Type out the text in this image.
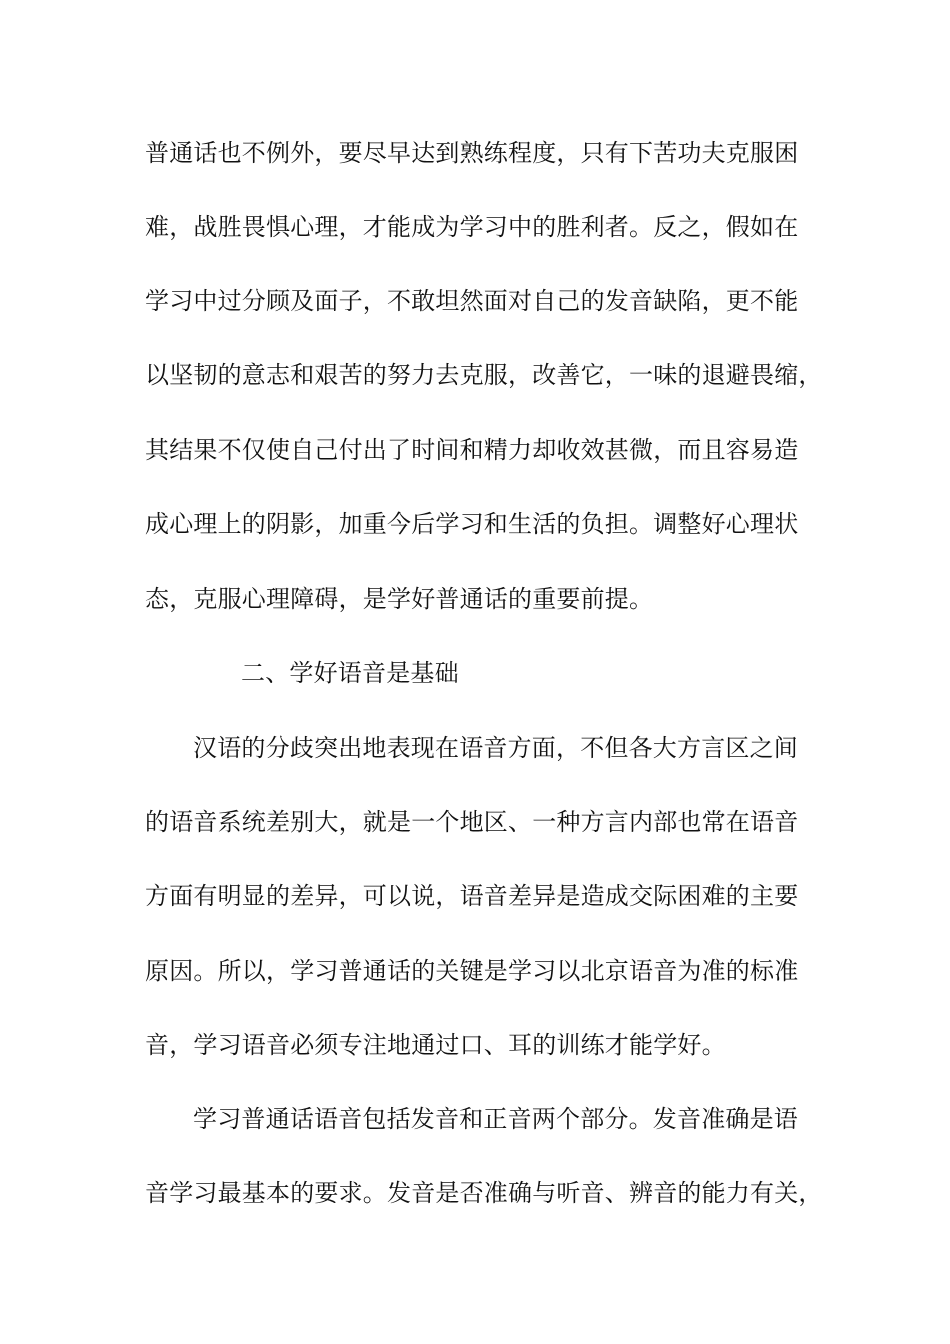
普通话也不例外，要尽早达到熟练程度，只有下苦功夫克服困
难，战胜畏惧心理，才能成为学习中的胜利者。反之，假如在
学习中过分顾及面子，不敢坦然面对自己的发音缺陷，更不能
以坚韧的意志和艰苦的努力去克服，改善它，一味的退避畏缩，
其结果不仅使自己付出了时间和精力却收效甚微，而且容易造
成心理上的阴影，加重今后学习和生活的负担。调整好心理状
态，克服心理障碍，是学好普通话的重要前提。
二、学好语音是基础
汉语的分歧突出地表现在语音方面，不但各大方言区之间
的语音系统差别大，就是一个地区、一种方言内部也常在语音
方面有明显的差异，可以说，语音差异是造成交际困难的主要
原因。所以，学习普通话的关键是学习以北京语音为准的标准
音，学习语音必须专注地通过口、耳的训练才能学好。
学习普通话语音包括发音和正音两个部分。发音准确是语
音学习最基本的要求。发音是否准确与听音、辨音的能力有关，
